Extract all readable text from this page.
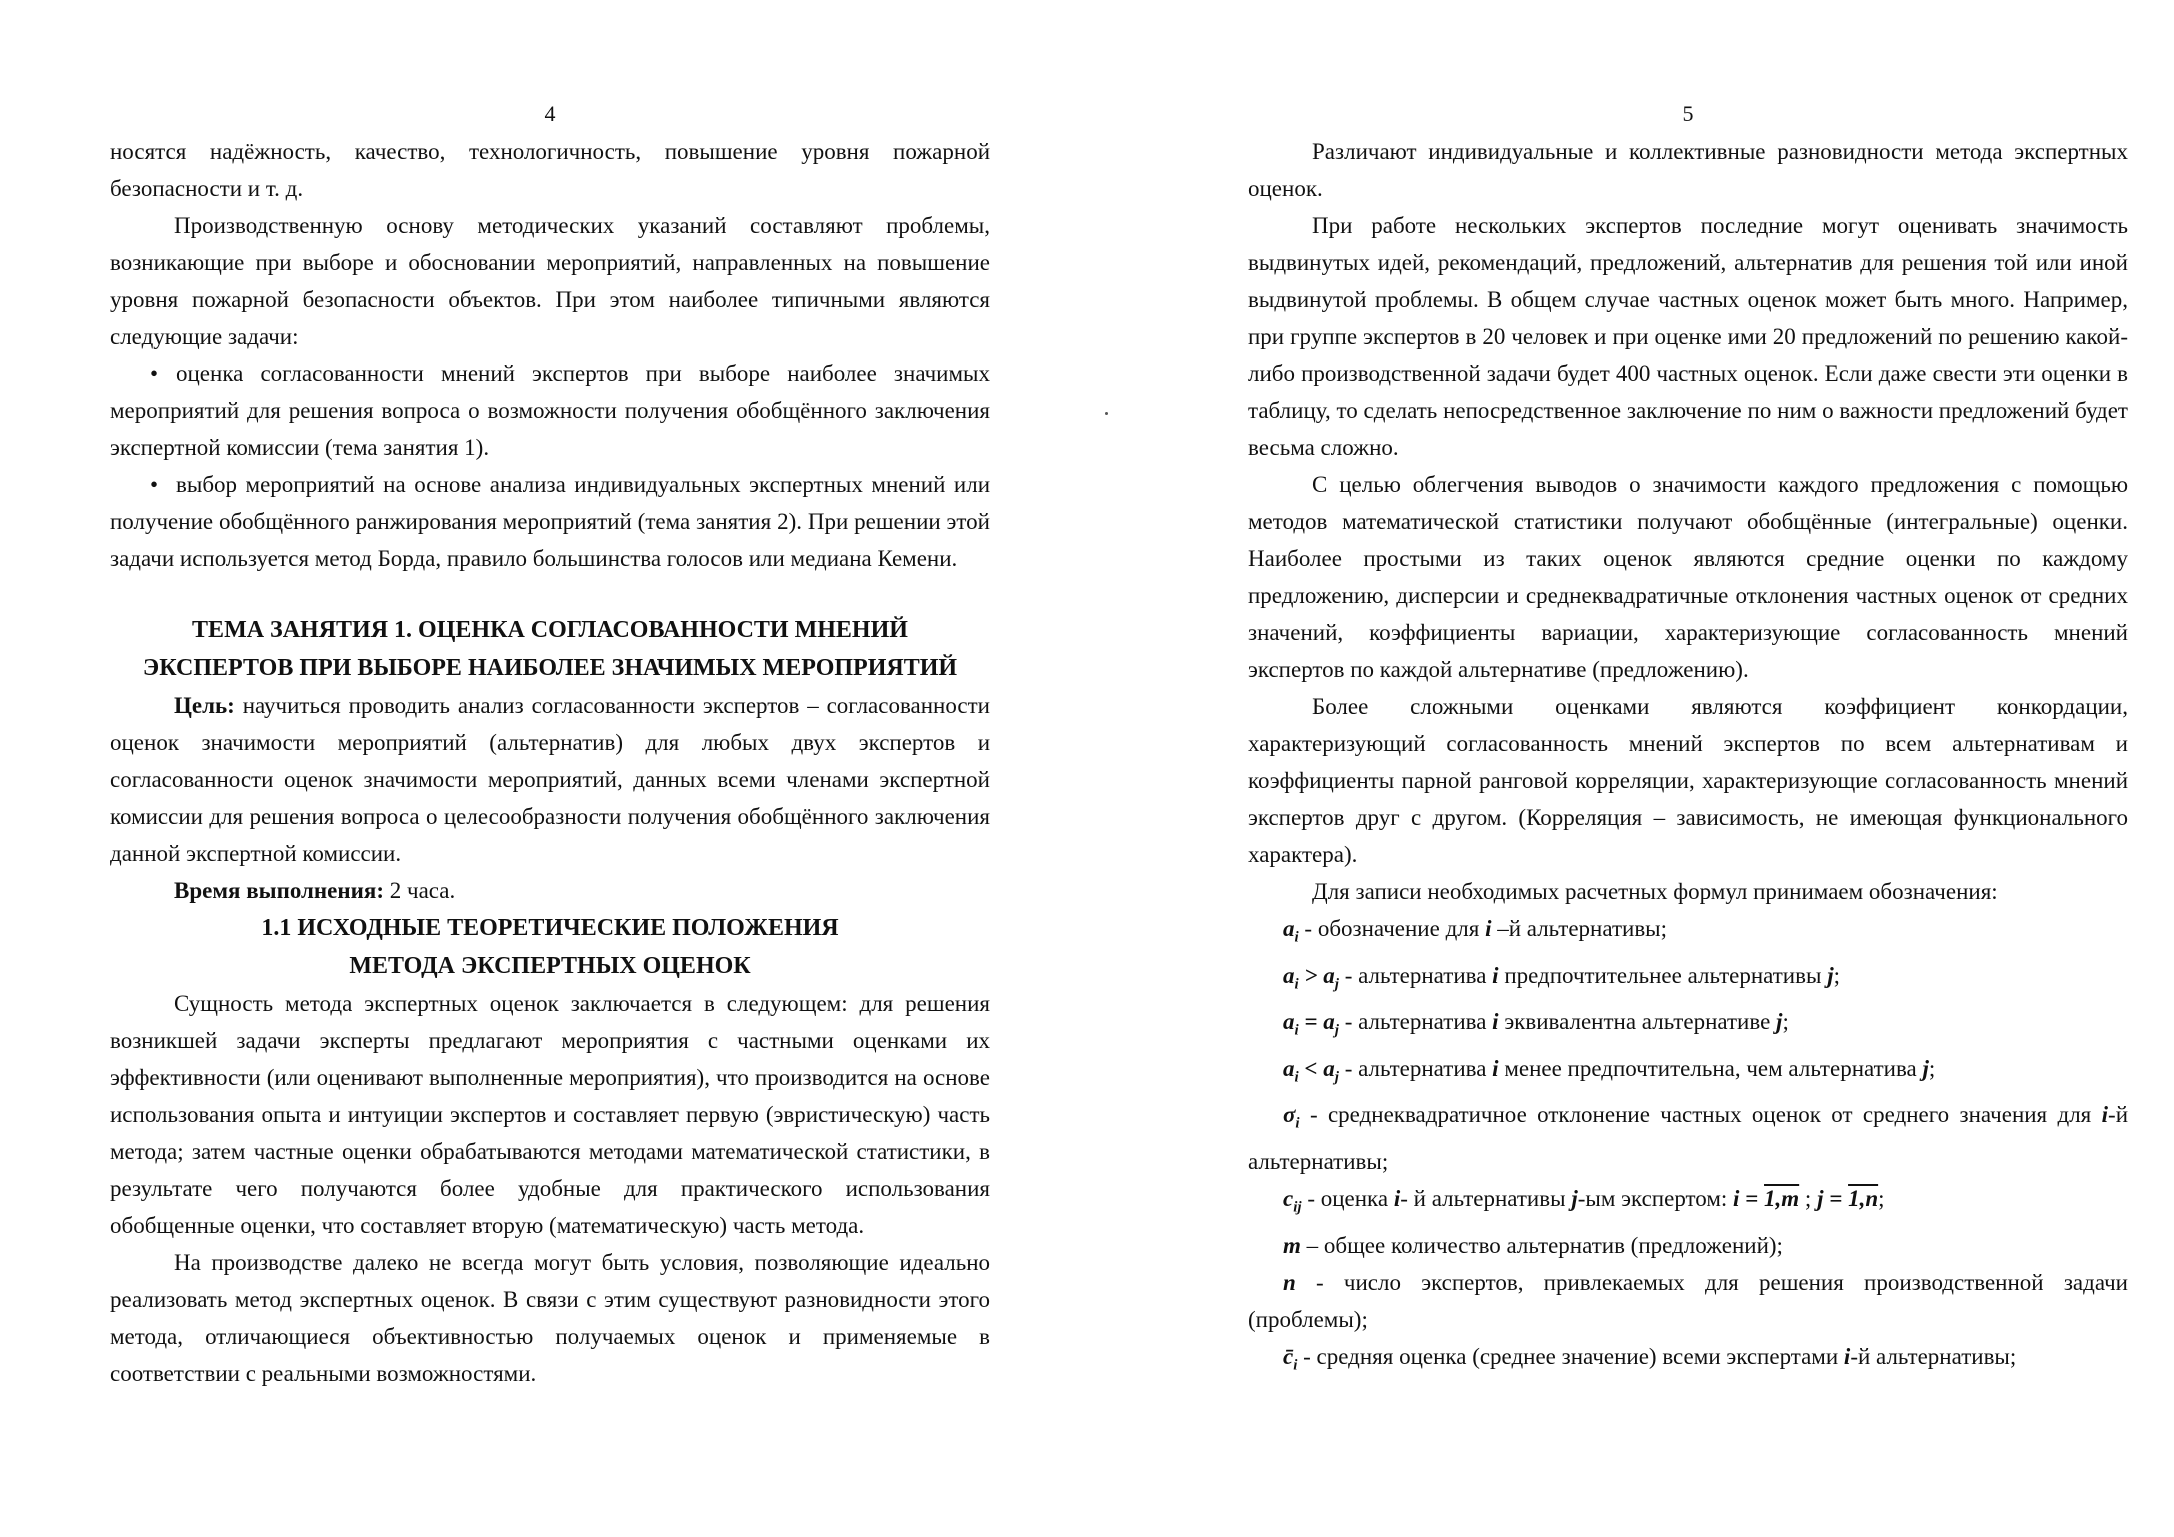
4

носятся надёжность, качество, технологичность, повышение уровня пожарной безопасности и т. д.

Производственную основу методических указаний составляют проблемы, возникающие при выборе и обосновании мероприятий, направленных на повышение уровня пожарной безопасности объектов. При этом наиболее типичными являются следующие задачи:

• оценка согласованности мнений экспертов при выборе наиболее значимых мероприятий для решения вопроса о возможности получения обобщённого заключения экспертной комиссии (тема занятия 1).

• выбор мероприятий на основе анализа индивидуальных экспертных мнений или получение обобщённого ранжирования мероприятий (тема занятия 2). При решении этой задачи используется метод Борда, правило большинства голосов или медиана Кемени.

ТЕМА ЗАНЯТИЯ 1. ОЦЕНКА СОГЛАСОВАННОСТИ МНЕНИЙ
ЭКСПЕРТОВ ПРИ ВЫБОРЕ НАИБОЛЕЕ ЗНАЧИМЫХ МЕРОПРИЯТИЙ

Цель: научиться проводить анализ согласованности экспертов – согласованности оценок значимости мероприятий (альтернатив) для любых двух экспертов и согласованности оценок значимости мероприятий, данных всеми членами экспертной комиссии для решения вопроса о целесообразности получения обобщённого заключения данной экспертной комиссии.

Время выполнения: 2 часа.

1.1 ИСХОДНЫЕ ТЕОРЕТИЧЕСКИЕ ПОЛОЖЕНИЯ
МЕТОДА ЭКСПЕРТНЫХ ОЦЕНОК

Сущность метода экспертных оценок заключается в следующем: для решения возникшей задачи эксперты предлагают мероприятия с частными оценками их эффективности (или оценивают выполненные мероприятия), что производится на основе использования опыта и интуиции экспертов и составляет первую (эвристическую) часть метода; затем частные оценки обрабатываются методами математической статистики, в результате чего получаются более удобные для практического использования обобщенные оценки, что составляет вторую (математическую) часть метода.

На производстве далеко не всегда могут быть условия, позволяющие идеально реализовать метод экспертных оценок. В связи с этим существуют разновидности этого метода, отличающиеся объективностью получаемых оценок и применяемые в соответствии с реальными возможностями.

5

Различают индивидуальные и коллективные разновидности метода экспертных оценок.

При работе нескольких экспертов последние могут оценивать значимость выдвинутых идей, рекомендаций, предложений, альтернатив для решения той или иной выдвинутой проблемы. В общем случае частных оценок может быть много. Например, при группе экспертов в 20 человек и при оценке ими 20 предложений по решению какой-либо производственной задачи будет 400 частных оценок. Если даже свести эти оценки в таблицу, то сделать непосредственное заключение по ним о важности предложений будет весьма сложно.

С целью облегчения выводов о значимости каждого предложения с помощью методов математической статистики получают обобщённые (интегральные) оценки. Наиболее простыми из таких оценок являются средние оценки по каждому предложению, дисперсии и среднеквадратичные отклонения частных оценок от средних значений, коэффициенты вариации, характеризующие согласованность мнений экспертов по каждой альтернативе (предложению).

Более сложными оценками являются коэффициент конкордации, характеризующий согласованность мнений экспертов по всем альтернативам и коэффициенты парной ранговой корреляции, характеризующие согласованность мнений экспертов друг с другом. (Корреляция – зависимость, не имеющая функционального характера).

Для записи необходимых расчетных формул принимаем обозначения:

$a_i$ - обозначение для i –й альтернативы;

$a_i > a_j$ - альтернатива i предпочтительнее альтернативы j;

$a_i = a_j$ - альтернатива i эквивалентна альтернативе j;

$a_i < a_j$ - альтернатива i менее предпочтительна, чем альтернатива j;

$\sigma_i$ - среднеквадратичное отклонение частных оценок от среднего значения для i-й альтернативы;

$c_{ij}$ - оценка i- й альтернативы j-ым экспертом: i = 1,m ; j = 1,n;

m – общее количество альтернатив (предложений);

n - число экспертов, привлекаемых для решения производственной задачи (проблемы);

$c̄_i$ - средняя оценка (среднее значение) всеми экспертами i-й альтернативы;
